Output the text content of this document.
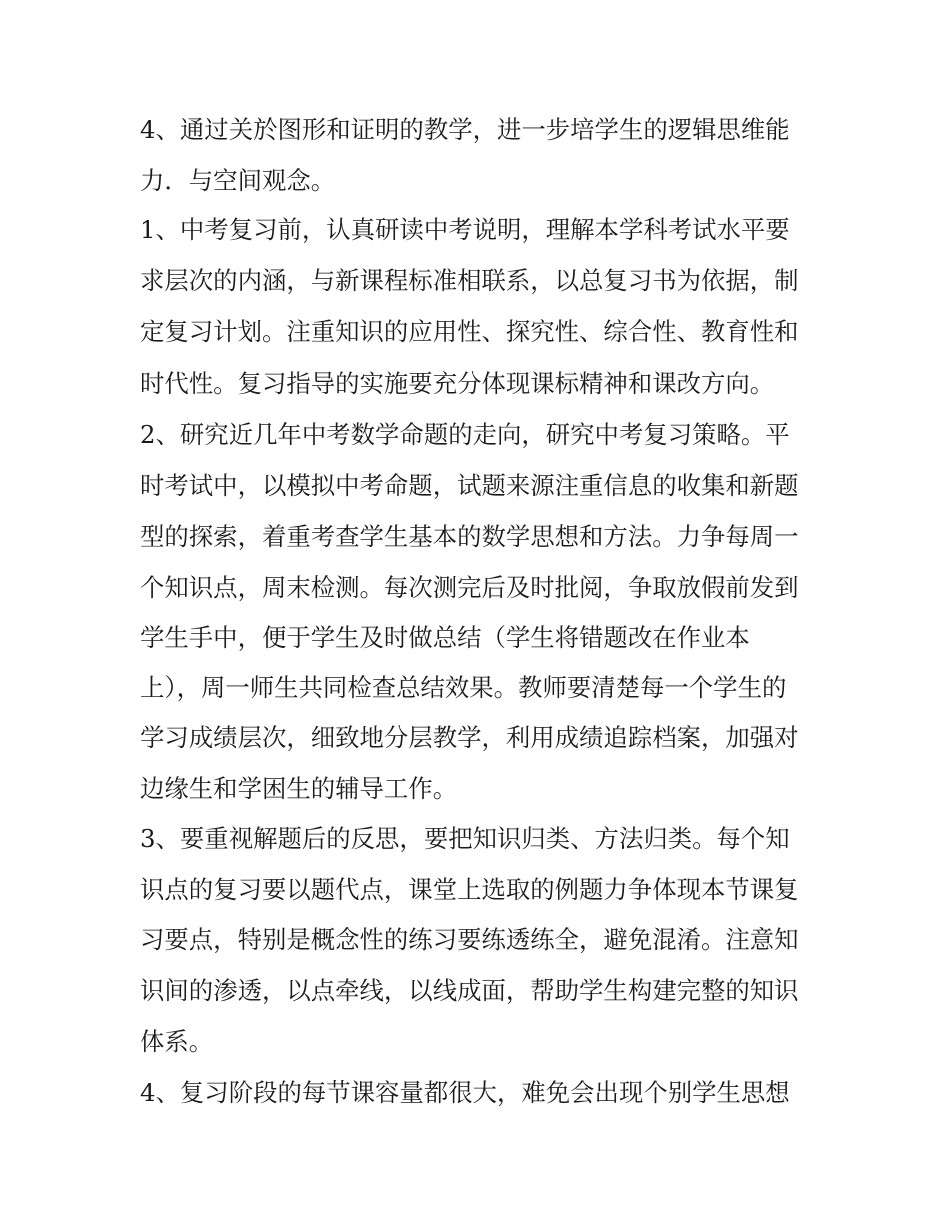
4、通过关於图形和证明的教学，进一步培学生的逻辑思维能
力．与空间观念。
1、中考复习前，认真研读中考说明，理解本学科考试水平要
求层次的内涵，与新课程标准相联系，以总复习书为依据，制
定复习计划。注重知识的应用性、探究性、综合性、教育性和
时代性。复习指导的实施要充分体现课标精神和课改方向。
2、研究近几年中考数学命题的走向，研究中考复习策略。平
时考试中，以模拟中考命题，试题来源注重信息的收集和新题
型的探索，着重考查学生基本的数学思想和方法。力争每周一
个知识点，周末检测。每次测完后及时批阅，争取放假前发到
学生手中，便于学生及时做总结（学生将错题改在作业本
上），周一师生共同检查总结效果。教师要清楚每一个学生的
学习成绩层次，细致地分层教学，利用成绩追踪档案，加强对
边缘生和学困生的辅导工作。
3、要重视解题后的反思，要把知识归类、方法归类。每个知
识点的复习要以题代点，课堂上选取的例题力争体现本节课复
习要点，特别是概念性的练习要练透练全，避免混淆。注意知
识间的渗透，以点牵线，以线成面，帮助学生构建完整的知识
体系。
4、复习阶段的每节课容量都很大，难免会出现个别学生思想
